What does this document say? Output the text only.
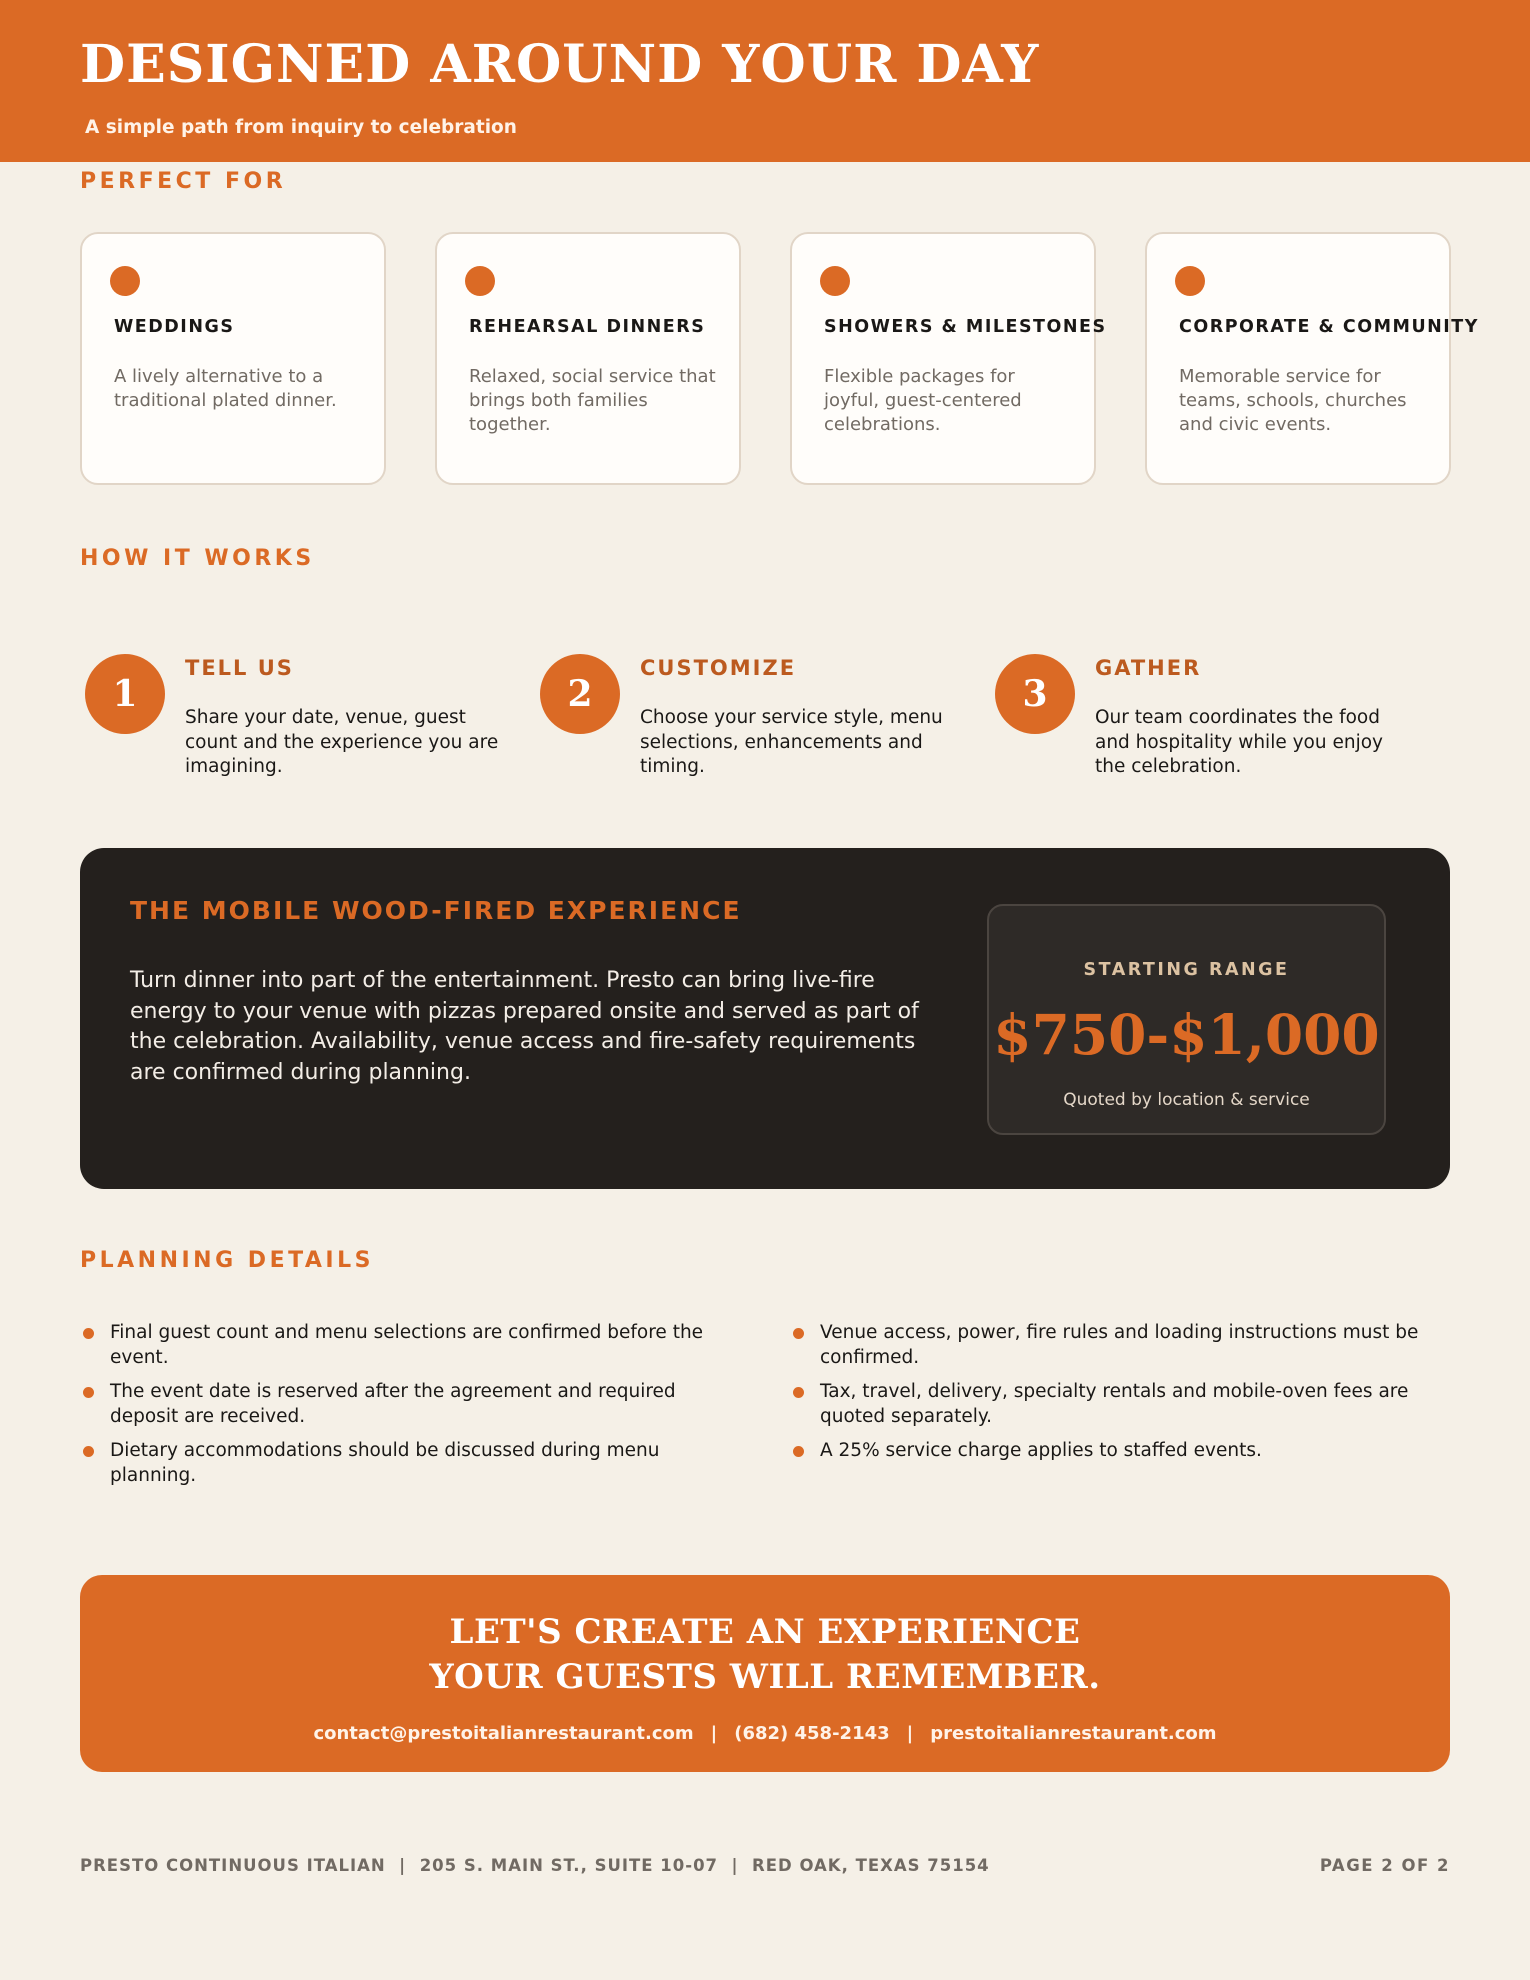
DESIGNED AROUND YOUR DAY
A simple path from inquiry to celebration
PERFECT FOR
WEDDINGS
A lively alternative to a traditional plated dinner.
REHEARSAL DINNERS
Relaxed, social service that brings both families together.
SHOWERS & MILESTONES
Flexible packages for joyful, guest-centered celebrations.
CORPORATE & COMMUNITY
Memorable service for teams, schools, churches and civic events.
HOW IT WORKS
1
TELL US
Share your date, venue, guest count and the experience you are imagining.
2
CUSTOMIZE
Choose your service style, menu selections, enhancements and timing.
3
GATHER
Our team coordinates the food and hospitality while you enjoy the celebration.
THE MOBILE WOOD-FIRED EXPERIENCE
Turn dinner into part of the entertainment. Presto can bring live-fire energy to your venue with pizzas prepared onsite and served as part of the celebration. Availability, venue access and fire-safety requirements are confirmed during planning.
STARTING RANGE
$750-$1,000
Quoted by location & service
PLANNING DETAILS
Final guest count and menu selections are confirmed before the event.
The event date is reserved after the agreement and required deposit are received.
Dietary accommodations should be discussed during menu planning.
Venue access, power, fire rules and loading instructions must be confirmed.
Tax, travel, delivery, specialty rentals and mobile-oven fees are quoted separately.
A 25% service charge applies to staffed events.
LET'S CREATE AN EXPERIENCE
YOUR GUESTS WILL REMEMBER.
contact@prestoitalianrestaurant.com | (682) 458-2143 | prestoitalianrestaurant.com
PRESTO CONTINUOUS ITALIAN  |  205 S. MAIN ST., SUITE 10-07  |  RED OAK, TEXAS 75154	PAGE 2 OF 2
